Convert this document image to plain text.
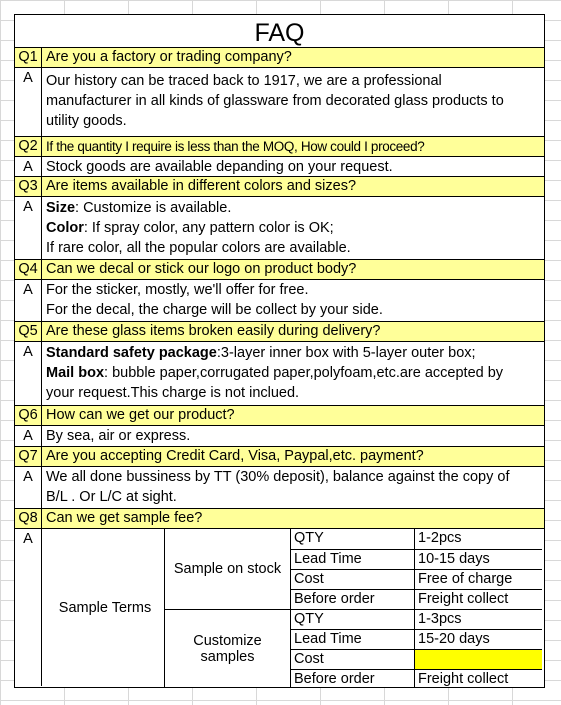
FAQ
Q1 Are you a factory or trading company?
A Our history can be traced back to 1917, we are a professional
manufacturer in all kinds of glassware from decorated glass products to
utility goods.
Q2 If the quantity I require is less than the MOQ, How could I proceed?
A Stock goods are available depanding on your request.
Q3 Are items available in different colors and sizes?
A Size: Customize is available.
Color: If spray color, any pattern color is OK;
If rare color, all the popular colors are available.
Q4 Can we decal or stick our logo on product body?
A For the sticker, mostly, we'll offer for free.
For the decal, the charge will be collect by your side.
Q5 Are these glass items broken easily during delivery?
A Standard safety package:3-layer inner box with 5-layer outer box;
Mail box: bubble paper,corrugated paper,polyfoam,etc.are accepted by
your request.This charge is not inclued.
Q6 How can we get our product?
A By sea, air or express.
Q7 Are you accepting Credit Card, Visa, Paypal,etc. payment?
A We all done bussiness by TT (30% deposit), balance against the copy of
B/L . Or L/C at sight.
Q8 Can we get sample fee?
A
Sample Terms
Sample on stock
Customize
samples
QTY
Lead Time
Cost
Before order
1-2pcs
10-15 days
Free of charge
Freight collect
QTY
Lead Time
Cost
Before order
1-3pcs
15-20 days
Freight collect
